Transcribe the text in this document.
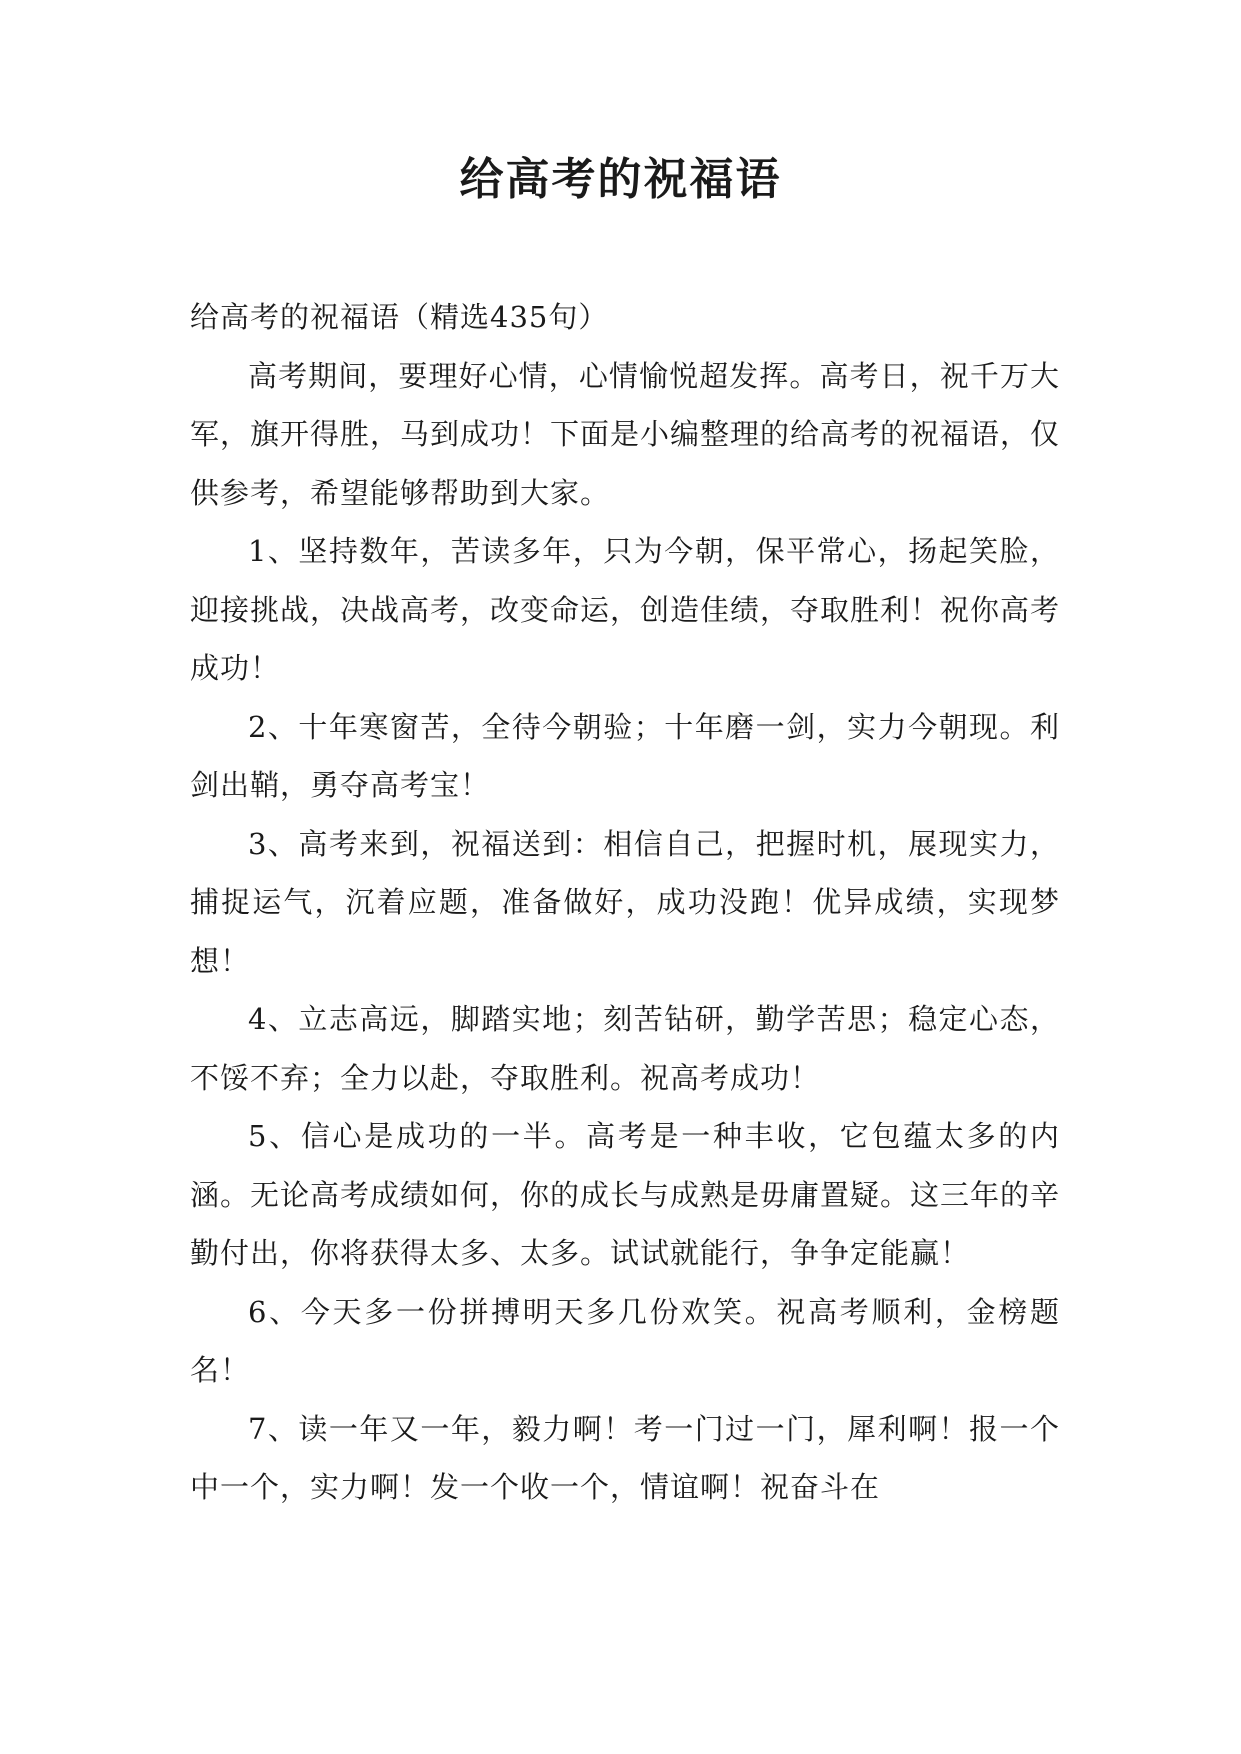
给高考的祝福语

给高考的祝福语（精选435句）

高考期间，要理好心情，心情愉悦超发挥。高考日，祝千万大军，旗开得胜，马到成功！下面是小编整理的给高考的祝福语，仅供参考，希望能够帮助到大家。

1、坚持数年，苦读多年，只为今朝，保平常心，扬起笑脸，迎接挑战，决战高考，改变命运，创造佳绩，夺取胜利！祝你高考成功！

2、十年寒窗苦，全待今朝验；十年磨一剑，实力今朝现。利剑出鞘，勇夺高考宝！

3、高考来到，祝福送到：相信自己，把握时机，展现实力，捕捉运气，沉着应题，准备做好，成功没跑！优异成绩，实现梦想！

4、立志高远，脚踏实地；刻苦钻研，勤学苦思；稳定心态，不馁不弃；全力以赴，夺取胜利。祝高考成功！

5、信心是成功的一半。高考是一种丰收，它包蕴太多的内涵。无论高考成绩如何，你的成长与成熟是毋庸置疑。这三年的辛勤付出，你将获得太多、太多。试试就能行，争争定能赢！

6、今天多一份拼搏明天多几份欢笑。祝高考顺利，金榜题名！

7、读一年又一年，毅力啊！考一门过一门，犀利啊！报一个中一个，实力啊！发一个收一个，情谊啊！祝奋斗在
